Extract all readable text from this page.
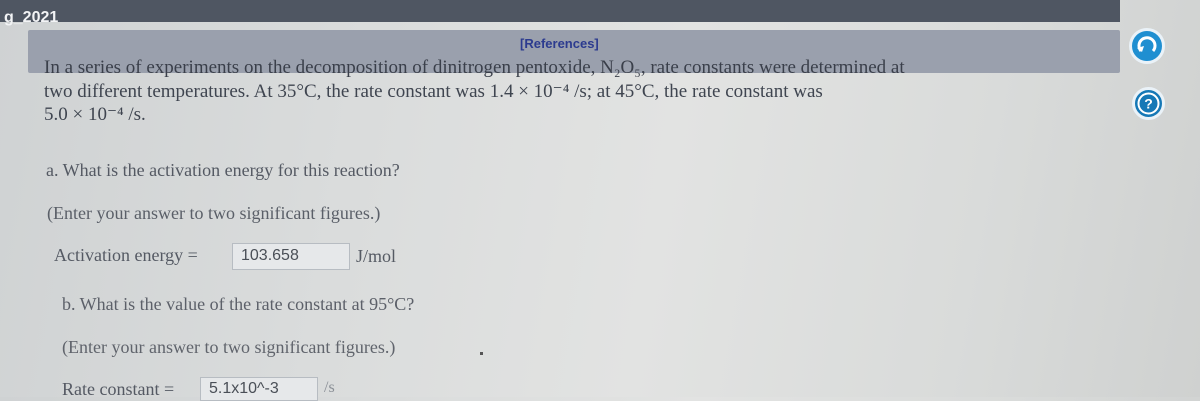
g_2021
[References]
?
In a series of experiments on the decomposition of dinitrogen pentoxide, N₂O₅, rate constants were determined at
two different temperatures. At 35°C, the rate constant was 1.4 × 10⁻⁴ /s; at 45°C, the rate constant was
5.0 × 10⁻⁴ /s.
a. What is the activation energy for this reaction?
(Enter your answer to two significant figures.)
Activation energy =	103.658	J/mol
b. What is the value of the rate constant at 95°C?
(Enter your answer to two significant figures.)
Rate constant =	5.1x10^-3	/s
